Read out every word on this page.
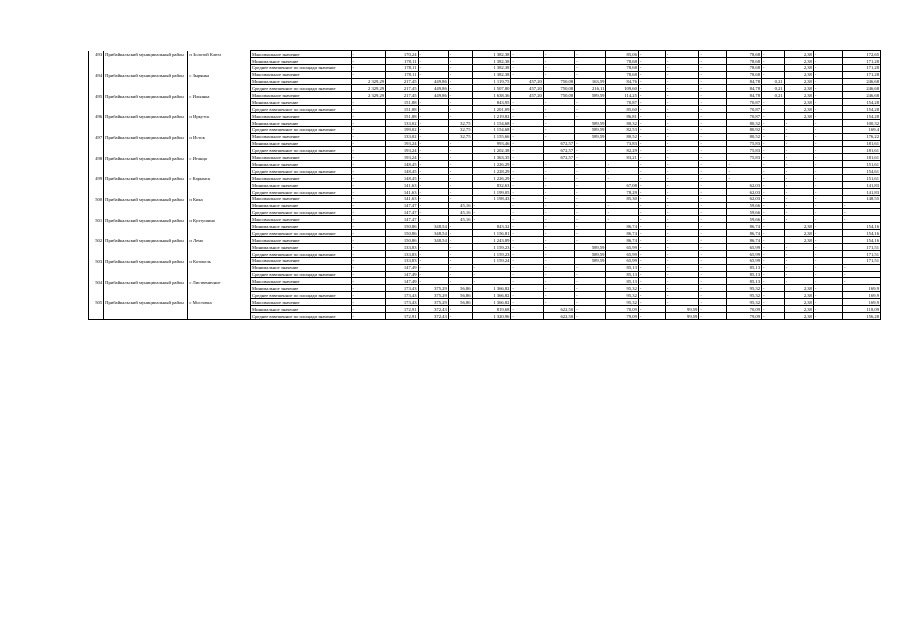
493	Прибайкальский муниципальный район	п Золотой Ключ	Максимальное значение	-	170,24	-	-	1 382,38	-	-	-	85,06	-	-	-	78,68	-	2,38	-	172,65
			Минимальное значение	-	178,11	-	-	1 382,38	-	-	-	78,68	-	-	-	78,68	-	2,38	-	171,28
			Среднее взвешенное по площади значение	-	178,11	-	-	1 382,38	-	-	-	78,68	-	-	-	78,68	-	2,38	-	171,28
494	Прибайкальский муниципальный район	с Зырянка	Максимальное значение	-	178,11	-	-	1 382,38	-	-	-	78,68	-	-	-	78,68	-	2,38	-	171,28
			Минимальное значение	2 329,29	217,45	449,86	-	1 119,75	457,20	750,08	163,59	84,76	-	-	-	84,78	0,21	2,38	-	246,68
			Среднее взвешенное по площади значение	2 329,29	217,45	449,86	-	1 507,80	457,20	750,08	216,11	109,60	-	-	-	84,78	0,21	2,38	-	246,68
495	Прибайкальский муниципальный район	с Ильинка	Максимальное значение	2 329,29	217,45	449,86	-	1 638,36	457,20	750,08	589,59	114,25	-	-	-	84,78	0,21	2,38	-	246,68
			Минимальное значение	-	151,88	-	-	843,95	-	-	-	70,87	-	-	-	70,87	-	2,38	-	154,28
			Среднее взвешенное по площади значение	-	151,88	-	-	1 201,09	-	-	-	85,60	-	-	-	70,87	-	2,38	-	154,28
496	Прибайкальский муниципальный район	п Иркутск	Максимальное значение	-	151,88	-	-	1 219,82	-	-	-	86,81	-	-	-	70,87	-	2,38	-	154,28
			Минимальное значение	-	133,02	-	32,75	1 154,68	-	-	589,59	80,32	-	-	-	80,32	-	-	-	100,32
			Среднее взвешенное по площади значение	-	199,02	-	32,75	1 154,68	-	-	589,59	82,53	-	-	-	80,92	-	-	-	169,4
497	Прибайкальский муниципальный район	п Исток	Максимальное значение	-	133,02	-	32,75	1 155,66	-	-	589,59	80,52	-	-	-	80,52	-	-	-	176,22
			Минимальное значение	-	193,24	-	-	993,46	-	672,57	-	73,83	-	-	-	75,83	-	-	-	181,61
			Среднее взвешенное по площади значение	-	193,24	-	-	1 202,38	-	672,57	-	82,29	-	-	-	75,83	-	-	-	181,61
498	Прибайкальский муниципальный район	с Итанца	Максимальное значение	-	193,24	-	-	1 363,35	-	672,57	-	83,21	-	-	-	75,83	-	-	-	181,61
			Минимальное значение	-	148,45	-	-	1 226,29	-	-	-	-	-	-	-	-	-	-	-	151,61
			Среднее взвешенное по площади значение	-	148,45	-	-	1 228,29	-	-	-	-	-	-	-	-	-	-	-	154,61
499	Прибайкальский муниципальный район	с Карымск	Максимальное значение	-	148,45	-	-	1 226,29	-	-	-	-	-	-	-	-	-	-	-	151,61
			Минимальное значение	-	141,63	-	-	832,63	-	-	-	67,08	-	-	-	62,03	-	-	-	141,83
			Среднее взвешенное по площади значение	-	141,63	-	-	1 199,05	-	-	-	78,29	-	-	-	62,03	-	-	-	141,83
500	Прибайкальский муниципальный район	п Кика	Максимальное значение	-	141,63	-	-	1 198,43	-	-	-	85,30	-	-	-	62,03	-	-	-	148,55
			Минимальное значение	-	147,47	-	45,16	-	-	-	-	-	-	-	-	59,66	-	-	-	-
			Среднее взвешенное по площади значение	-	147,47	-	45,16	-	-	-	-	-	-	-	-	59,66	-	-	-	-
501	Прибайкальский муниципальный район	п Култушино	Максимальное значение	-	147,47	-	45,16	-	-	-	-	-	-	-	-	59,66	-	-	-	-
			Минимальное значение	-	150,86	348,54	-	843,32	-	-	-	86,74	-	-	-	86,74	-	2,38	-	154,16
			Среднее взвешенное по площади значение	-	150,86	348,54	-	1 156,81	-	-	-	86,74	-	-	-	86,74	-	2,38	-	154,16
502	Прибайкальский муниципальный район	п Лемо	Максимальное значение	-	150,86	348,54	-	1 243,89	-	-	-	86,74	-	-	-	86,74	-	2,38	-	154,16
			Минимальное значение	-	133,83	-	-	1 159,23	-	-	589,59	65,99	-	-	-	65,99	-	-	-	171,51
			Среднее взвешенное по площади значение	-	133,83	-	-	1 159,23	-	-	589,59	65,99	-	-	-	65,99	-	-	-	171,51
503	Прибайкальский муниципальный район	п Котокель	Максимальное значение	-	133,83	-	-	1 159,24	-	-	589,59	65,99	-	-	-	65,99	-	-	-	171,51
			Минимальное значение	-	147,49	-	-	-	-	-	-	85,13	-	-	-	85,13	-	-	-	-
			Среднее взвешенное по площади значение	-	147,49	-	-	-	-	-	-	85,13	-	-	-	85,13	-	-	-	-
504	Прибайкальский муниципальный район	с Лиственичное	Максимальное значение	-	147,49	-	-	-	-	-	-	85,13	-	-	-	85,13	-	-	-	-
			Минимальное значение	-	173,43	375,29	56,86	1 366,82	-	-	-	95,32	-	-	-	95,32	-	2,38	-	169,9
			Среднее взвешенное по площади значение	-	173,43	375,29	56,86	1 366,82	-	-	-	95,32	-	-	-	95,32	-	2,38	-	169,9
505	Прибайкальский муниципальный район	с Мостовка	Максимальное значение	-	173,43	375,29	56,86	1 366,82	-	-	-	95,32	-	-	-	95,32	-	2,38	-	169,9
			Минимальное значение	-	172,91	372,43	-	819,68	-	622,50	-	70,09	-	99,59	-	70,09	-	2,38	-	118,09
			Среднее взвешенное по площади значение	-	172,91	372,43	-	1 320,96	-	622,50	-	79,09	-	99,59	-	79,09	-	2,38	-	156,28
